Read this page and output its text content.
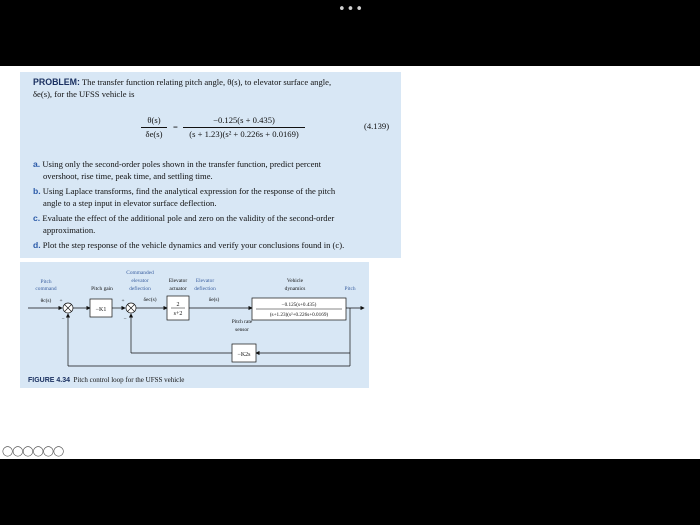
•••
PROBLEM: The transfer function relating pitch angle, θ(s), to elevator surface angle,
δe(s), for the UFSS vehicle is
θ(s)
δe(s)
=
−0.125(s + 0.435)
(s + 1.23)(s² + 0.226s + 0.0169)
(4.139)
a. Using only the second-order poles shown in the transfer function, predict percent
overshoot, rise time, peak time, and settling time.
b. Using Laplace transforms, find the analytical expression for the response of the pitch
angle to a step input in elevator surface deflection.
c. Evaluate the effect of the additional pole and zero on the validity of the second-order
approximation.
d. Plot the step response of the vehicle dynamics and verify your conclusions found in (c).
Pitch
command
Commanded
elevator
deflection
Elevator
deflection	Pitch
Pitch gain
Elevator
actuator
Vehicle
dynamics
Pitch rate
sensor
θc(s)	δec(s)	δe(s)
+
−
+
−
−K1
2
s+2
−0.125(s+0.435)
(s+1.23)(s²+0.226s+0.0169)
−K2s
FIGURE 4.34 Pitch control loop for the UFSS vehicle
◯◯◯◯◯◯
